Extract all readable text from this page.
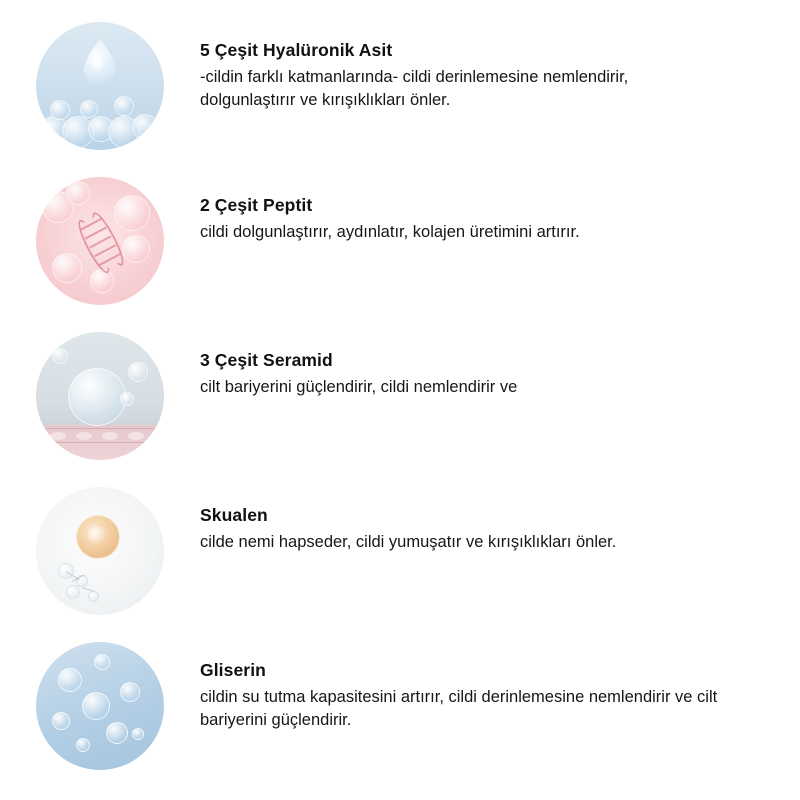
5 Çeşit Hyalüronik Asit

-cildin farklı katmanlarında- cildi derinlemesine nemlendirir, dolgunlaştırır ve kırışıklıkları önler.

2 Çeşit Peptit

cildi dolgunlaştırır, aydınlatır, kolajen üretimini artırır.

3 Çeşit Seramid

cilt bariyerini güçlendirir, cildi nemlendirir ve

Skualen

cilde nemi hapseder, cildi yumuşatır ve kırışıklıkları önler.

Gliserin

cildin su tutma kapasitesini artırır, cildi derinlemesine nemlendirir ve cilt bariyerini güçlendirir.
